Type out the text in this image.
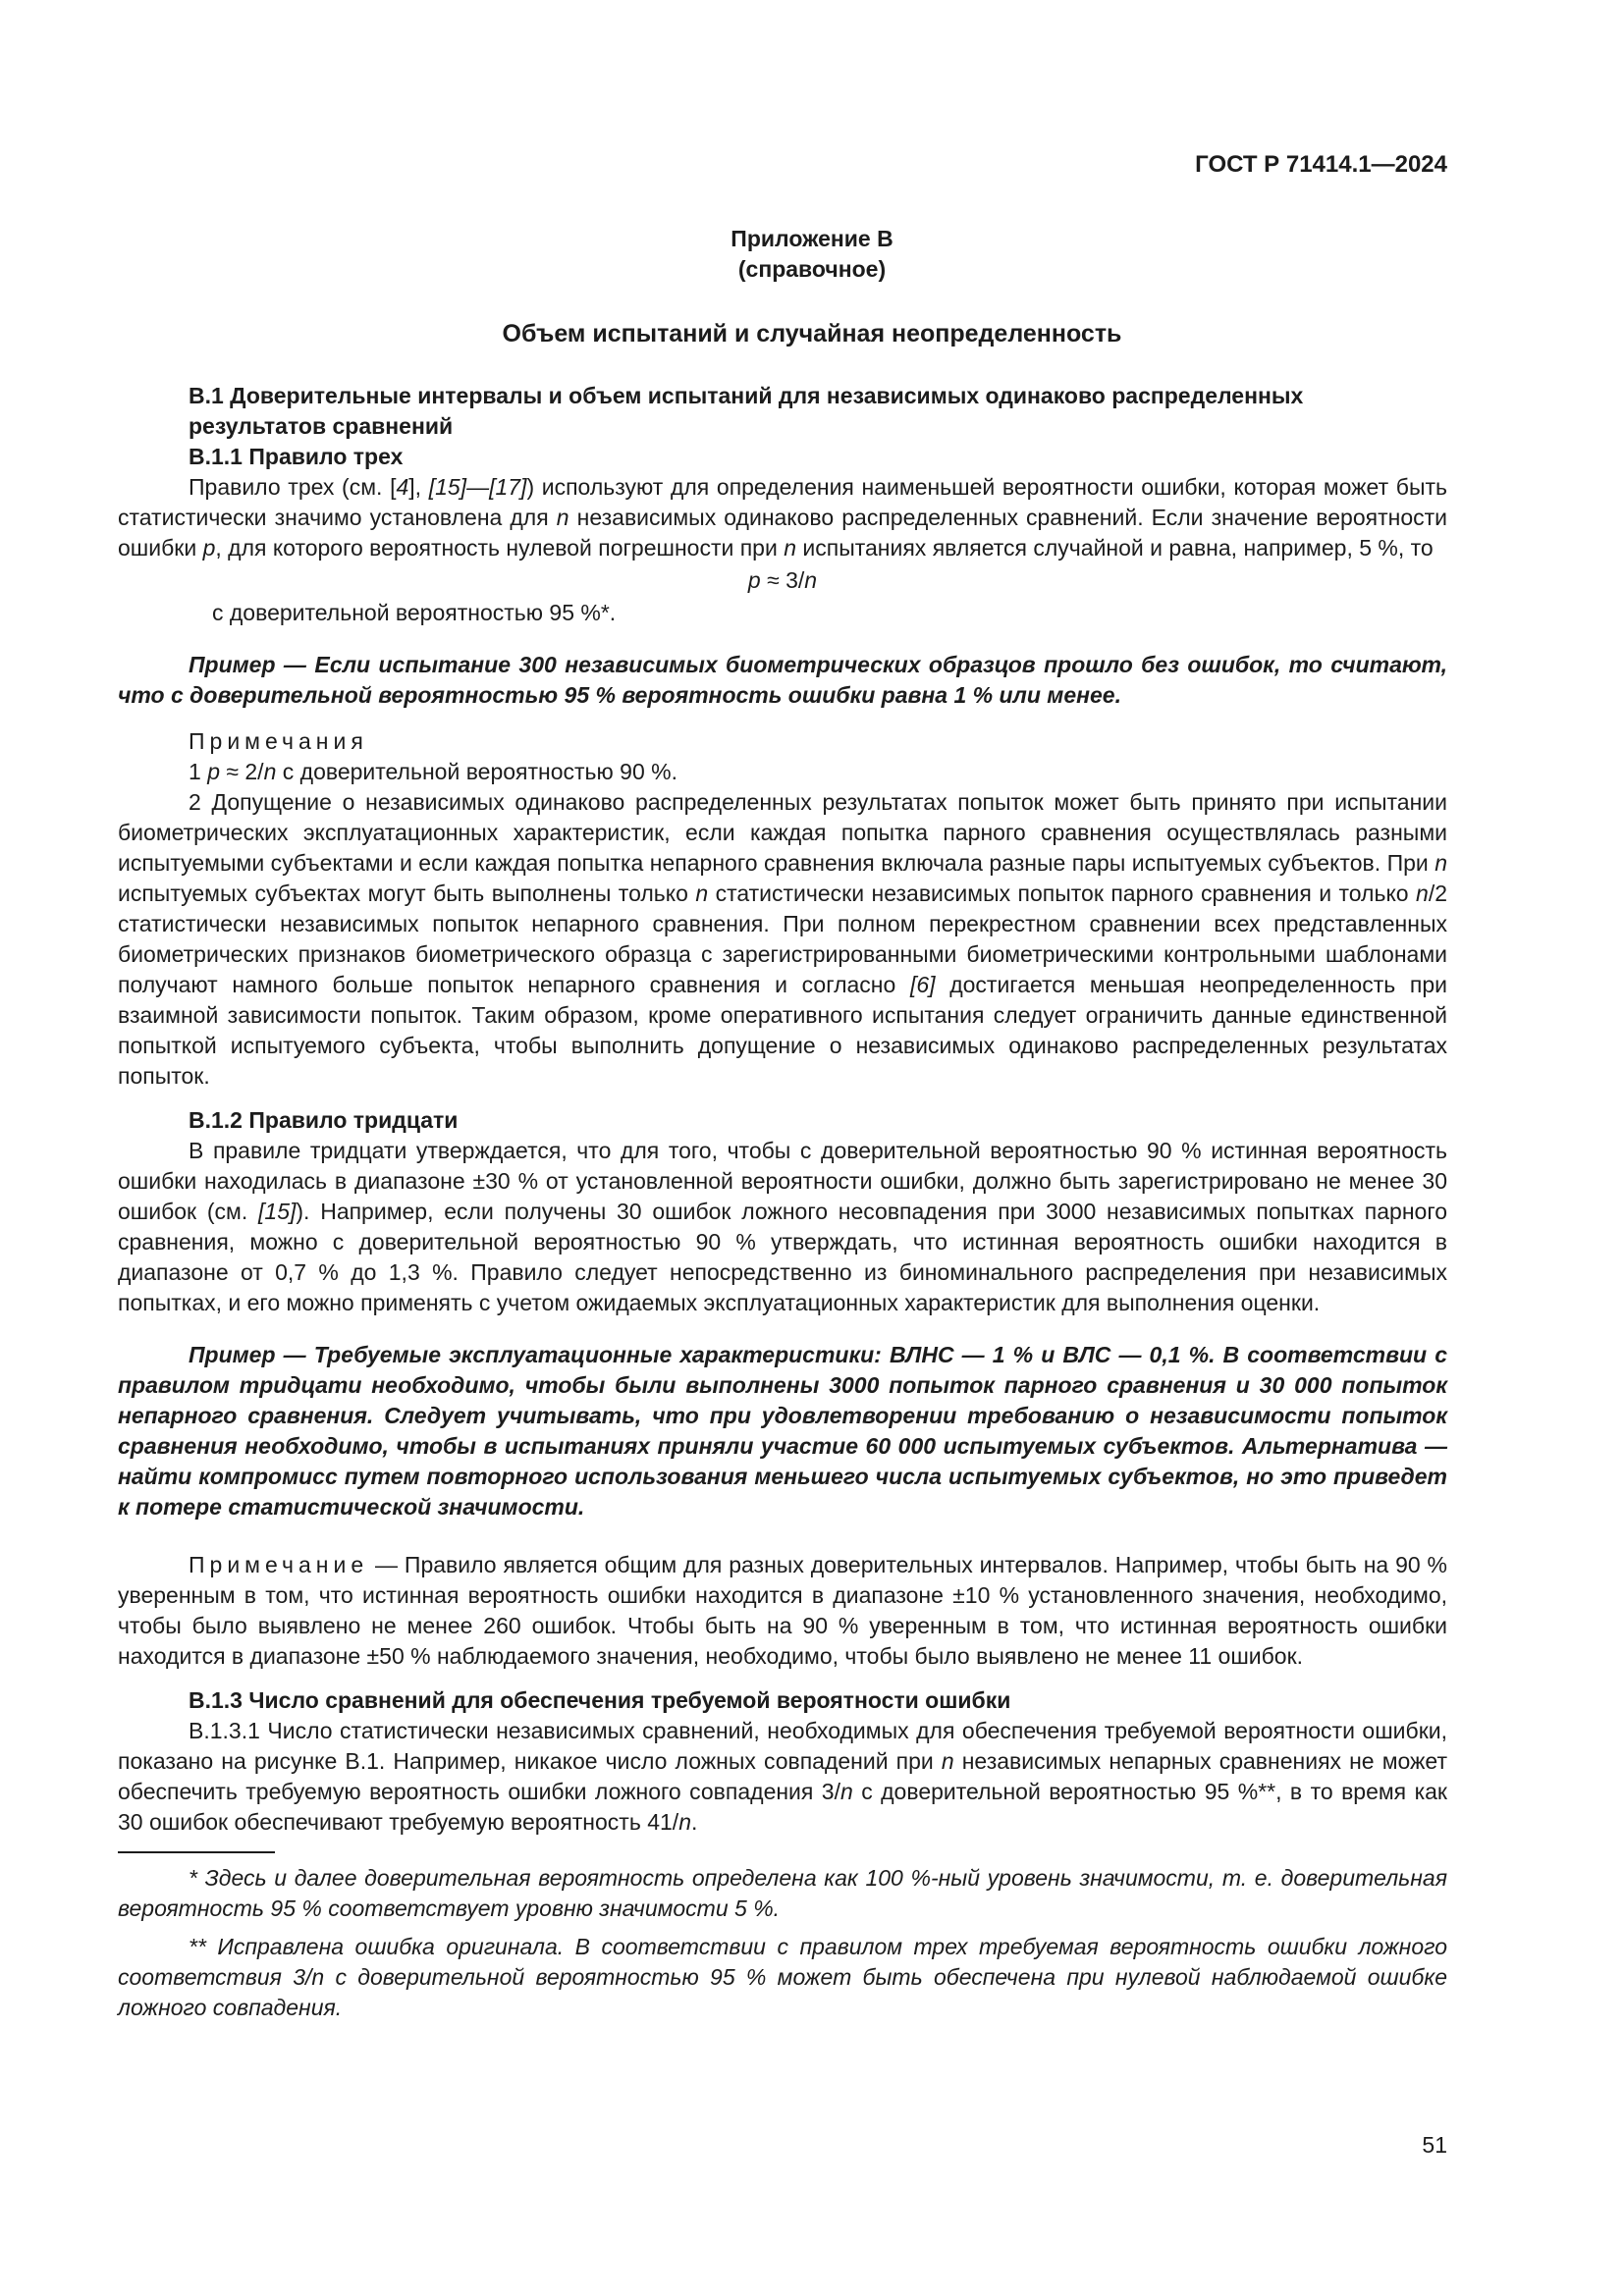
ГОСТ Р 71414.1—2024
Приложение В
(справочное)
Объем испытаний и случайная неопределенность

В.1 Доверительные интервалы и объем испытаний для независимых одинаково распределенных
результатов сравнений

В.1.1 Правило трех

Правило трех (см. [4], [15]—[17]) используют для определения наименьшей вероятности ошибки, которая может быть статистически значимо установлена для n независимых одинаково распределенных сравнений. Если значение вероятности ошибки p, для которого вероятность нулевой погрешности при n испытаниях является случайной и равна, например, 5 %, то

p ≈ 3/n

с доверительной вероятностью 95 %*.

Пример — Если испытание 300 независимых биометрических образцов прошло без ошибок, то считают, что с доверительной вероятностью 95 % вероятность ошибки равна 1 % или менее.

Примечания

1 p ≈ 2/n с доверительной вероятностью 90 %.

2 Допущение о независимых одинаково распределенных результатах попыток может быть принято при испытании биометрических эксплуатационных характеристик, если каждая попытка парного сравнения осуществлялась разными испытуемыми субъектами и если каждая попытка непарного сравнения включала разные пары испытуемых субъектов. При n испытуемых субъектах могут быть выполнены только n статистически независимых попыток парного сравнения и только n/2 статистически независимых попыток непарного сравнения. При полном перекрестном сравнении всех представленных биометрических признаков биометрического образца с зарегистрированными биометрическими контрольными шаблонами получают намного больше попыток непарного сравнения и согласно [6] достигается меньшая неопределенность при взаимной зависимости попыток. Таким образом, кроме оперативного испытания следует ограничить данные единственной попыткой испытуемого субъекта, чтобы выполнить допущение о независимых одинаково распределенных результатах попыток.

В.1.2 Правило тридцати

В правиле тридцати утверждается, что для того, чтобы с доверительной вероятностью 90 % истинная вероятность ошибки находилась в диапазоне ±30 % от установленной вероятности ошибки, должно быть зарегистрировано не менее 30 ошибок (см. [15]). Например, если получены 30 ошибок ложного несовпадения при 3000 независимых попытках парного сравнения, можно с доверительной вероятностью 90 % утверждать, что истинная вероятность ошибки находится в диапазоне от 0,7 % до 1,3 %. Правило следует непосредственно из биноминального распределения при независимых попытках, и его можно применять с учетом ожидаемых эксплуатационных характеристик для выполнения оценки.

Пример — Требуемые эксплуатационные характеристики: ВЛНС — 1 % и ВЛС — 0,1 %. В соответствии с правилом тридцати необходимо, чтобы были выполнены 3000 попыток парного сравнения и 30 000 попыток непарного сравнения. Следует учитывать, что при удовлетворении требованию о независимости попыток сравнения необходимо, чтобы в испытаниях приняли участие 60 000 испытуемых субъектов. Альтернатива — найти компромисс путем повторного использования меньшего числа испытуемых субъектов, но это приведет к потере статистической значимости.

Примечание — Правило является общим для разных доверительных интервалов. Например, чтобы быть на 90 % уверенным в том, что истинная вероятность ошибки находится в диапазоне ±10 % установленного значения, необходимо, чтобы было выявлено не менее 260 ошибок. Чтобы быть на 90 % уверенным в том, что истинная вероятность ошибки находится в диапазоне ±50 % наблюдаемого значения, необходимо, чтобы было выявлено не менее 11 ошибок.

В.1.3 Число сравнений для обеспечения требуемой вероятности ошибки

В.1.3.1 Число статистически независимых сравнений, необходимых для обеспечения требуемой вероятности ошибки, показано на рисунке В.1. Например, никакое число ложных совпадений при n независимых непарных сравнениях не может обеспечить требуемую вероятность ошибки ложного совпадения 3/n с доверительной вероятностью 95 %**, в то время как 30 ошибок обеспечивают требуемую вероятность 41/n.

* Здесь и далее доверительная вероятность определена как 100 %-ный уровень значимости, т. е. доверительная вероятность 95 % соответствует уровню значимости 5 %.

** Исправлена ошибка оригинала. В соответствии с правилом трех требуемая вероятность ошибки ложного соответствия 3/n с доверительной вероятностью 95 % может быть обеспечена при нулевой наблюдаемой ошибке ложного совпадения.

51
